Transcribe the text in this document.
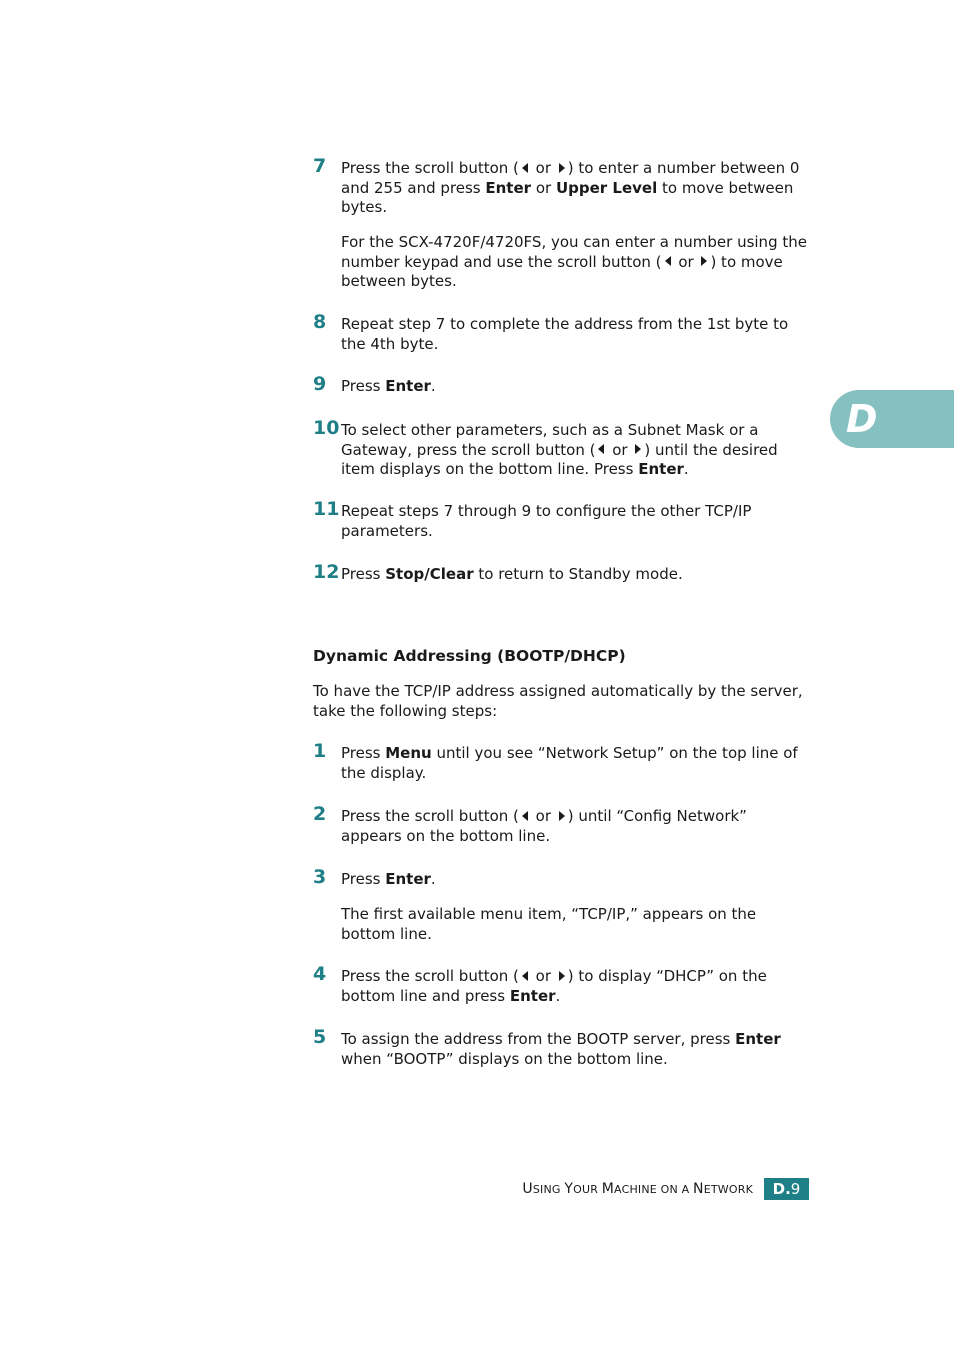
7 Press the scroll button ( or ) to enter a number between 0 and 255 and press Enter or Upper Level to move between bytes.
For the SCX-4720F/4720FS, you can enter a number using the number keypad and use the scroll button ( or ) to move between bytes.
8 Repeat step 7 to complete the address from the 1st byte to the 4th byte.
9 Press Enter.
10 To select other parameters, such as a Subnet Mask or a Gateway, press the scroll button ( or ) until the desired item displays on the bottom line. Press Enter.
11 Repeat steps 7 through 9 to configure the other TCP/IP parameters.
12 Press Stop/Clear to return to Standby mode.
Dynamic Addressing (BOOTP/DHCP)
To have the TCP/IP address assigned automatically by the server, take the following steps:
1 Press Menu until you see “Network Setup” on the top line of the display.
2 Press the scroll button ( or ) until “Config Network” appears on the bottom line.
3 Press Enter.
The first available menu item, “TCP/IP,” appears on the bottom line.
4 Press the scroll button ( or ) to display “DHCP” on the bottom line and press Enter.
5 To assign the address from the BOOTP server, press Enter when “BOOTP” displays on the bottom line.
D
USING YOUR MACHINE ON A NETWORK	D.9
